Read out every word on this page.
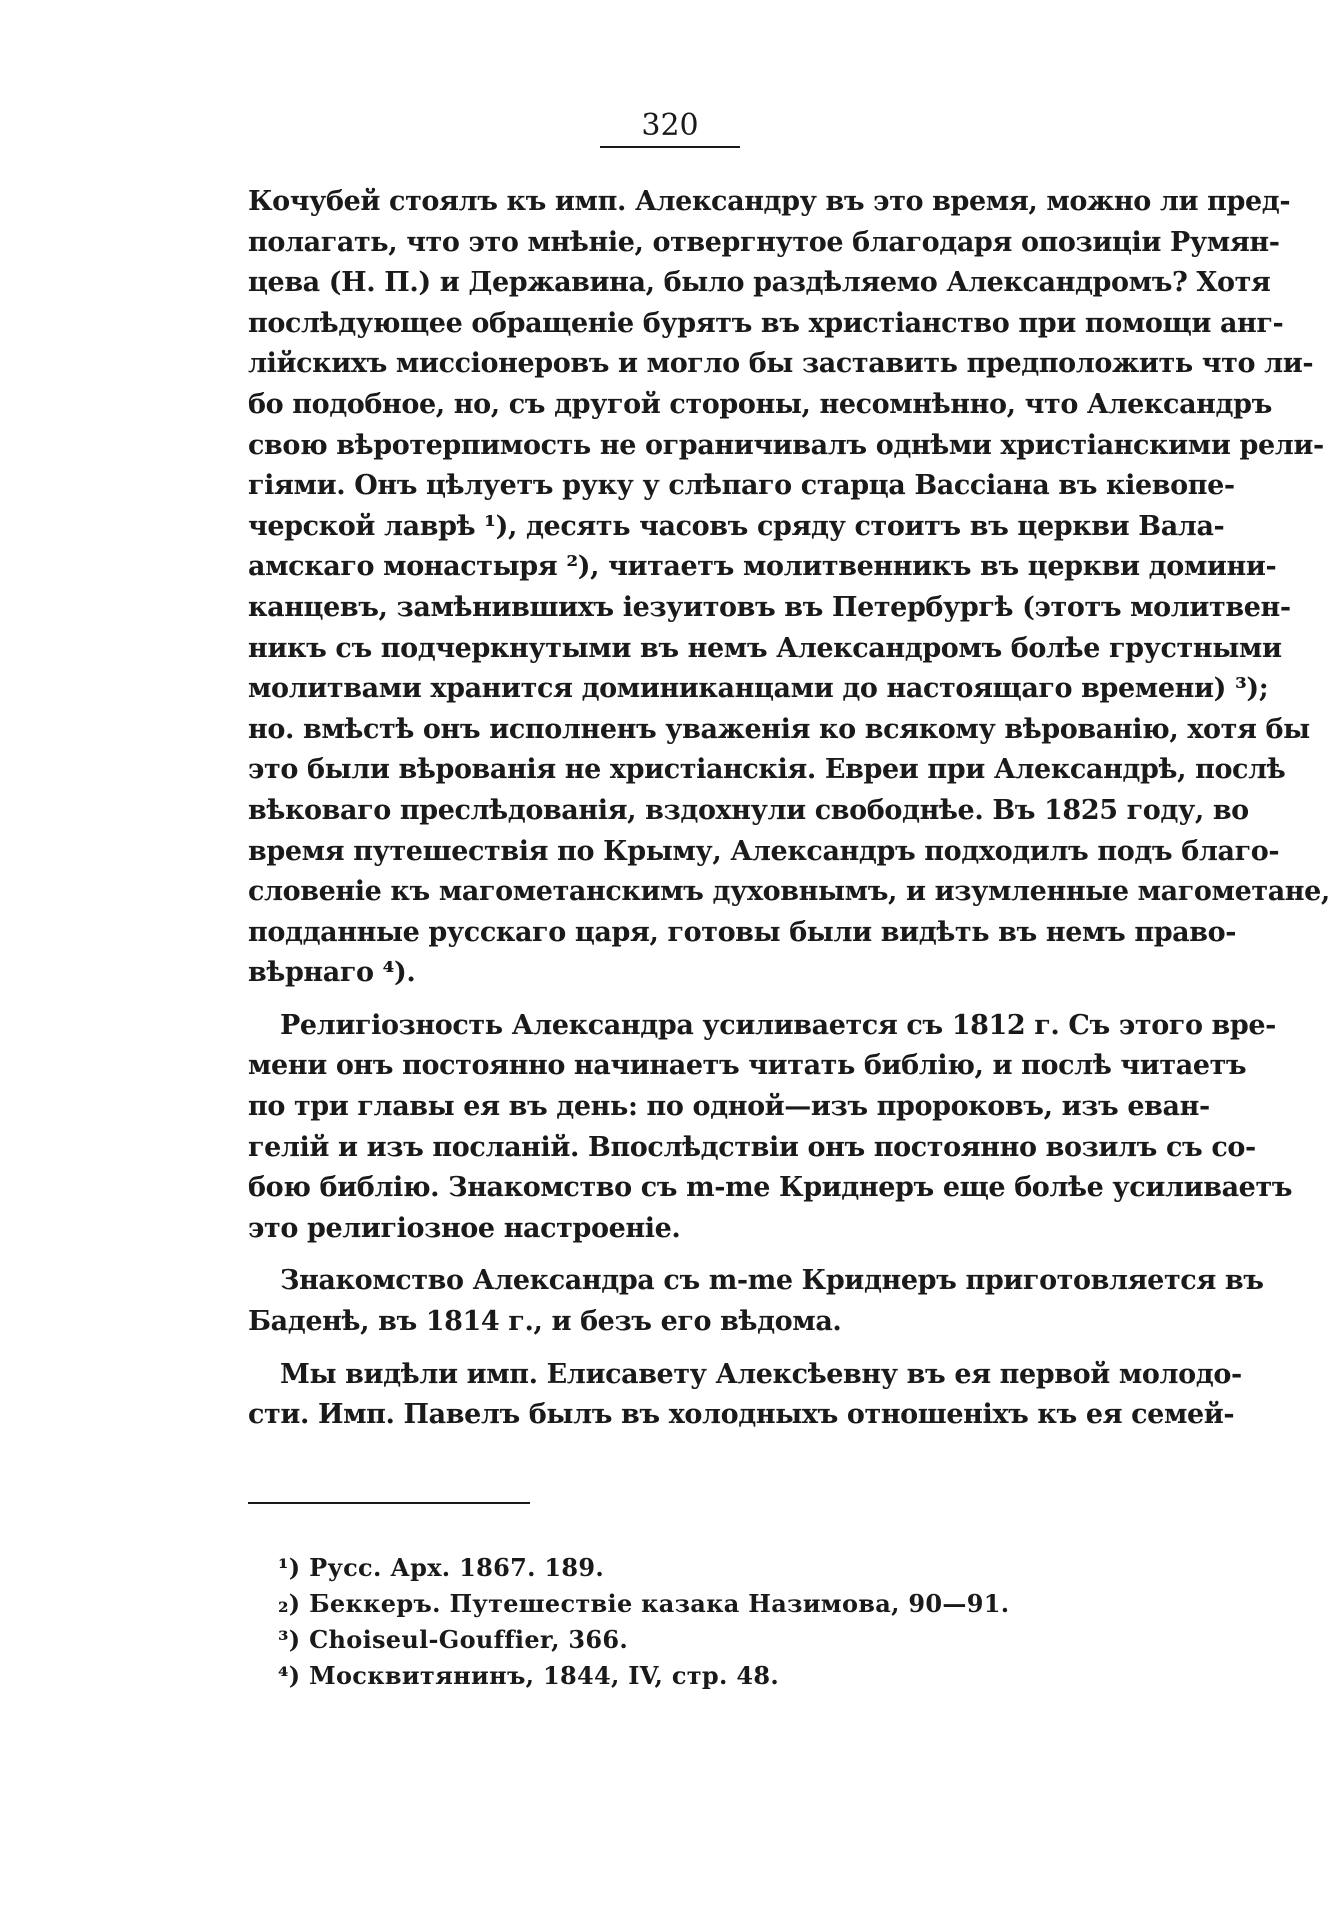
320
Кочубей стоялъ къ имп. Александру въ это время, можно ли пред-
полагать, что это мнѣніе, отвергнутое благодаря опозиціи Румян-
цева (Н. П.) и Державина, было раздѣляемо Александромъ? Хотя
послѣдующее обращеніе бурятъ въ христіанство при помощи анг-
лійскихъ миссіонеровъ и могло бы заставить предположить что ли-
бо подобное, но, съ другой стороны, несомнѣнно, что Александръ
свою вѣротерпимость не ограничивалъ однѣми христіанскими рели-
гіями. Онъ цѣлуетъ руку у слѣпаго старца Вассіана въ кіевопе-
черской лаврѣ ¹), десять часовъ сряду стоитъ въ церкви Вала-
амскаго монастыря ²), читаетъ молитвенникъ въ церкви домини-
канцевъ, замѣнившихъ іезуитовъ въ Петербургѣ (этотъ молитвен-
никъ съ подчеркнутыми въ немъ Александромъ болѣе грустными
молитвами хранится доминиканцами до настоящаго времени) ³);
но. вмѣстѣ онъ исполненъ уваженія ко всякому вѣрованію, хотя бы
это были вѣрованія не христіанскія. Евреи при Александрѣ, послѣ
вѣковаго преслѣдованія, вздохнули свободнѣе. Въ 1825 году, во
время путешествія по Крыму, Александръ подходилъ подъ благо-
словеніе къ магометанскимъ духовнымъ, и изумленные магометане,
подданные русскаго царя, готовы были видѣть въ немъ право-
вѣрнаго ⁴).
Религіозность Александра усиливается съ 1812 г. Съ этого вре-
мени онъ постоянно начинаетъ читать библію, и послѣ читаетъ
по три главы ея въ день: по одной—изъ пророковъ, изъ еван-
гелій и изъ посланій. Впослѣдствіи онъ постоянно возилъ съ со-
бою библію. Знакомство съ m-me Криднеръ еще болѣе усиливаетъ
это религіозное настроеніе.
Знакомство Александра съ m-me Криднеръ приготовляется въ
Баденѣ, въ 1814 г., и безъ его вѣдома.
Мы видѣли имп. Елисавету Алексѣевну въ ея первой молодо-
сти. Имп. Павелъ былъ въ холодныхъ отношеніхъ къ ея семей-
¹) Русс. Арх. 1867. 189.
₂) Беккеръ. Путешествіе казака Назимова, 90—91.
³) Choiseul-Gouffier, 366.
⁴) Москвитянинъ, 1844, IV, стр. 48.
